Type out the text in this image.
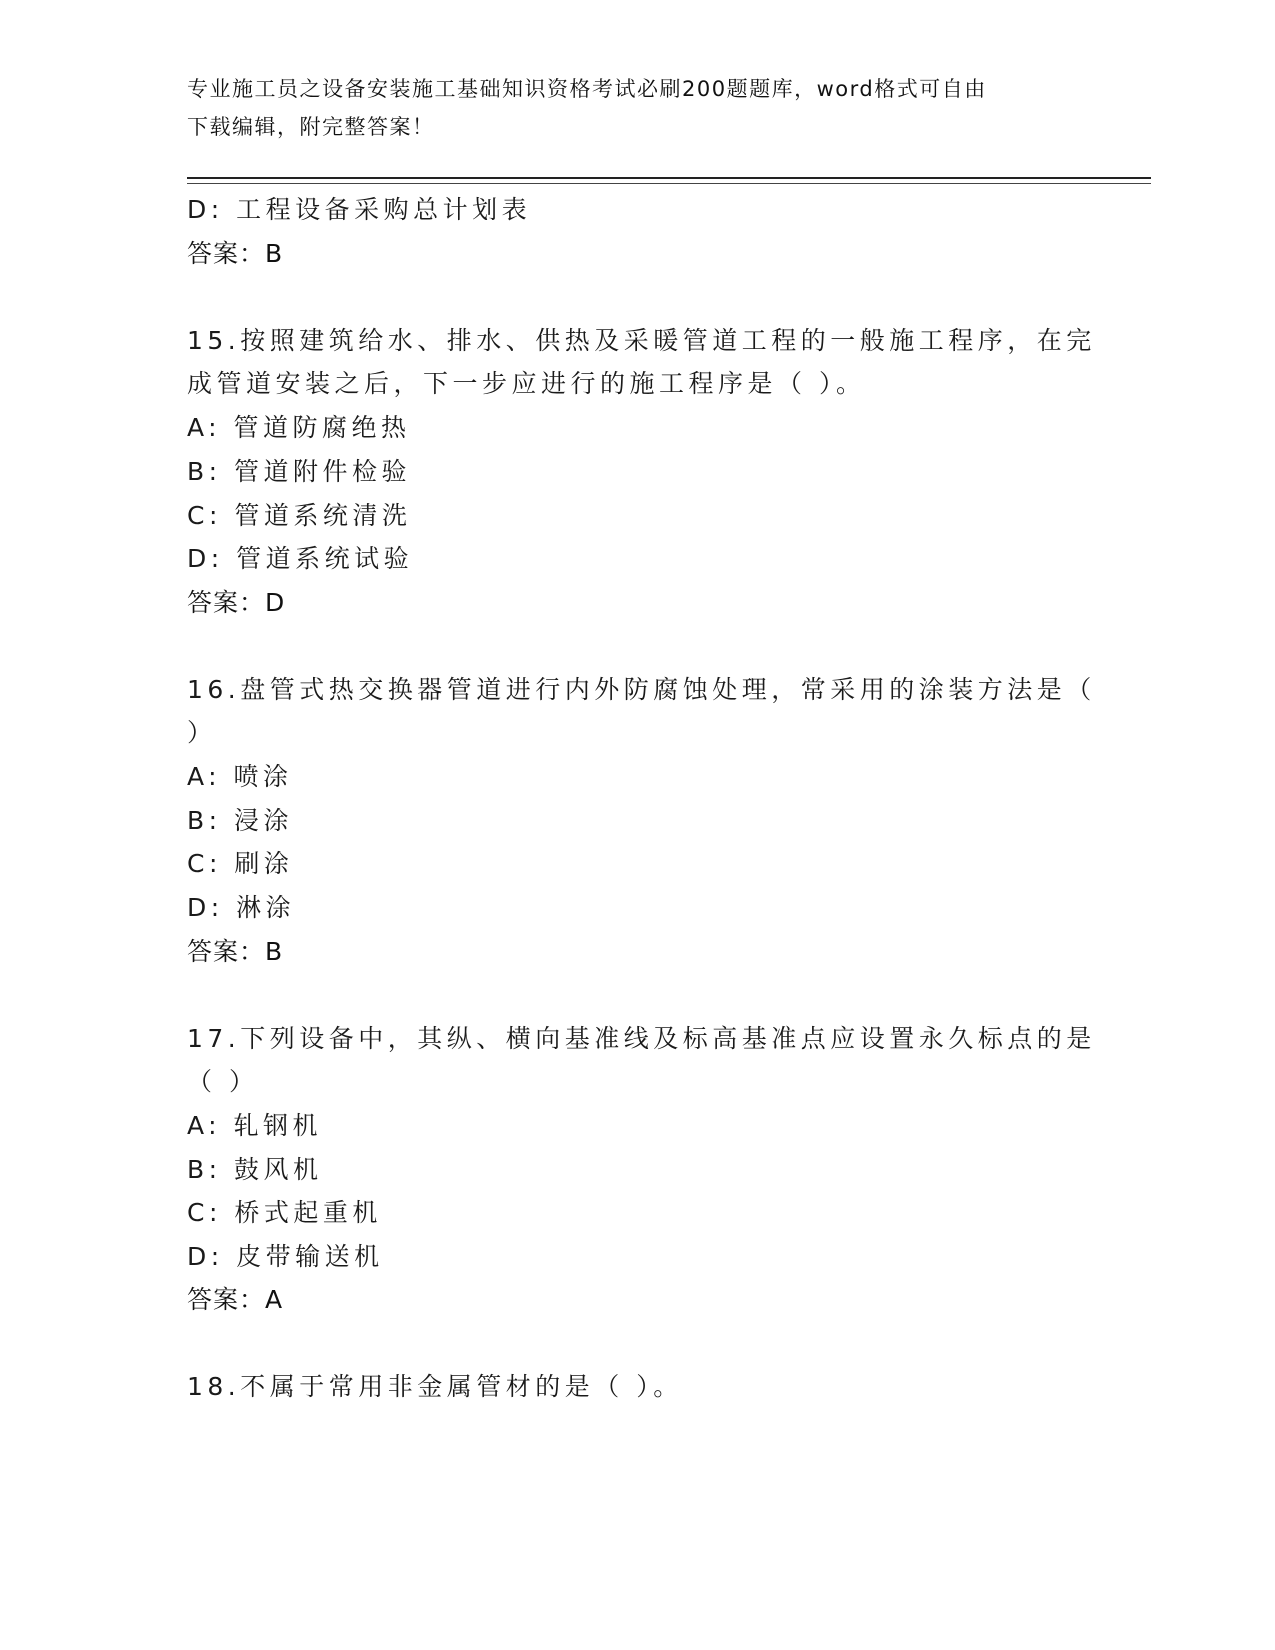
专业施工员之设备安装施工基础知识资格考试必刷200题题库，word格式可自由
下载编辑，附完整答案！
D: 工程设备采购总计划表
答案：B
15.按照建筑给水、排水、供热及采暖管道工程的一般施工程序，在完
成管道安装之后，下一步应进行的施工程序是（ ）。
A: 管道防腐绝热
B: 管道附件检验
C: 管道系统清洗
D: 管道系统试验
答案：D
16.盘管式热交换器管道进行内外防腐蚀处理，常采用的涂装方法是（
）
A: 喷涂
B: 浸涂
C: 刷涂
D: 淋涂
答案：B
17.下列设备中，其纵、横向基准线及标高基准点应设置永久标点的是
（ ）
A: 轧钢机
B: 鼓风机
C: 桥式起重机
D: 皮带输送机
答案：A
18.不属于常用非金属管材的是（ ）。
